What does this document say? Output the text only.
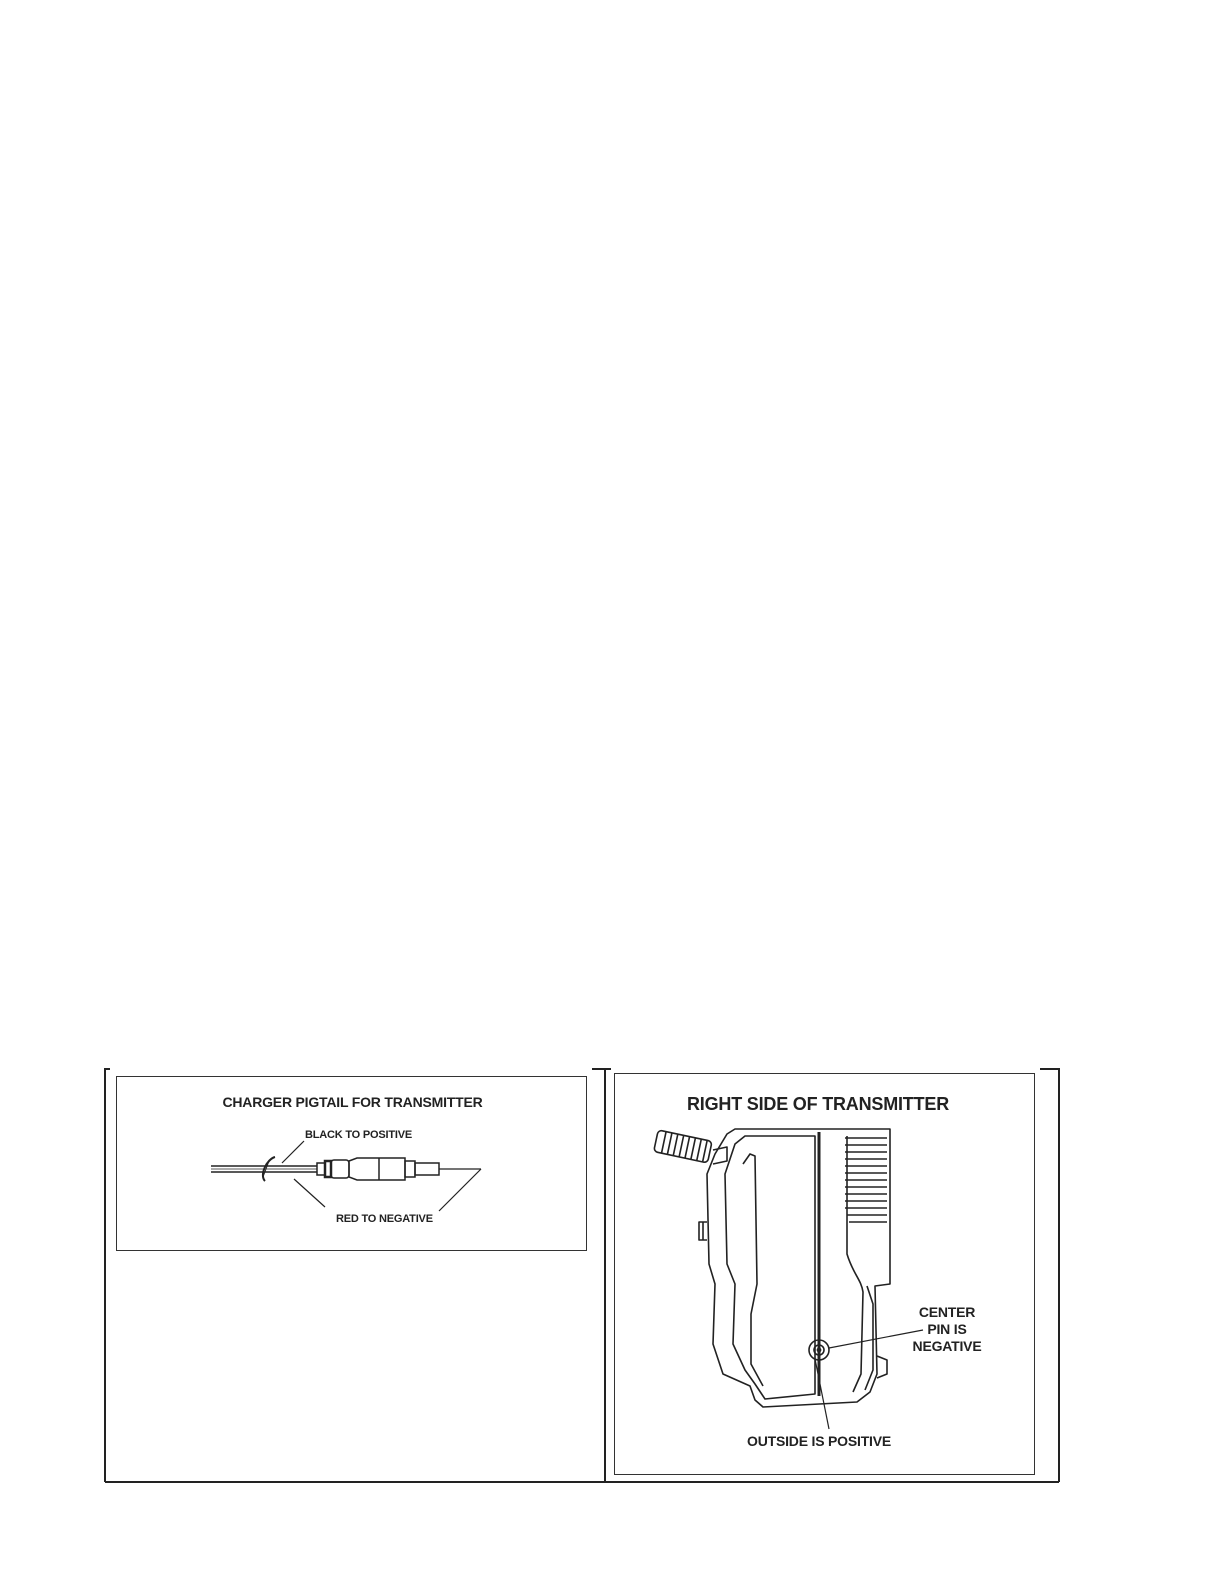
CHARGER PIGTAIL FOR TRANSMITTER
BLACK TO POSITIVE
RED TO NEGATIVE
RIGHT SIDE OF TRANSMITTER
CENTER
PIN IS
NEGATIVE
OUTSIDE IS POSITIVE
